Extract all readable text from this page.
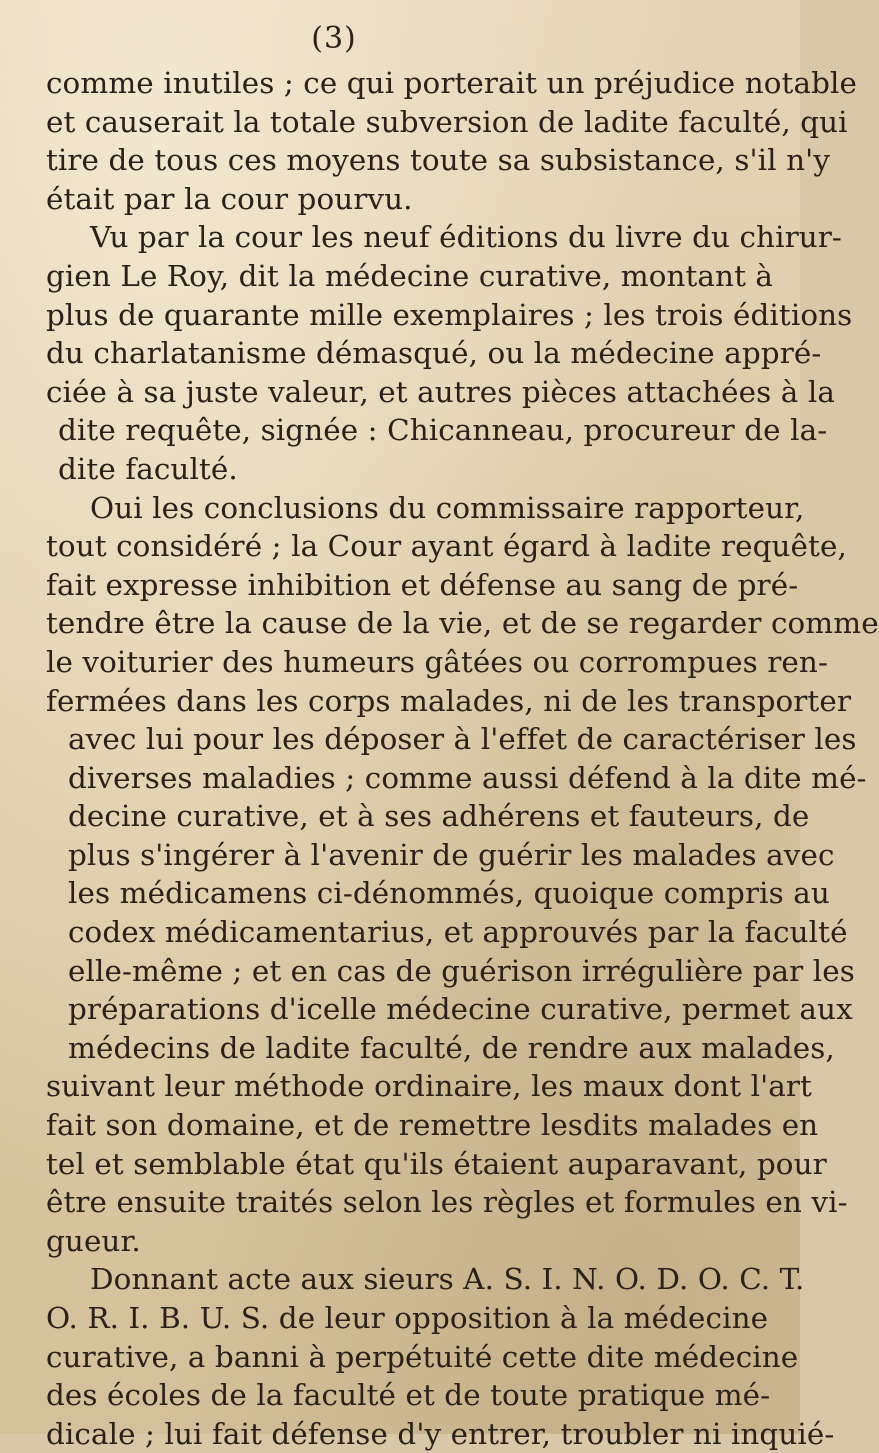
(3)
comme inutiles ; ce qui porterait un préjudice notable
et causerait la totale subversion de ladite faculté, qui
tire de tous ces moyens toute sa subsistance, s'il n'y
était par la cour pourvu.
Vu par la cour les neuf éditions du livre du chirur-
gien Le Roy, dit la médecine curative, montant à
plus de quarante mille exemplaires ; les trois éditions
du charlatanisme démasqué, ou la médecine appré-
ciée à sa juste valeur, et autres pièces attachées à la
dite requête, signée : Chicanneau, procureur de la-
dite faculté.
Oui les conclusions du commissaire rapporteur,
tout considéré ; la Cour ayant égard à ladite requête,
fait expresse inhibition et défense au sang de pré-
tendre être la cause de la vie, et de se regarder comme
le voiturier des humeurs gâtées ou corrompues ren-
fermées dans les corps malades, ni de les transporter
avec lui pour les déposer à l'effet de caractériser les
diverses maladies ; comme aussi défend à la dite mé-
decine curative, et à ses adhérens et fauteurs, de
plus s'ingérer à l'avenir de guérir les malades avec
les médicamens ci-dénommés, quoique compris au
codex médicamentarius, et approuvés par la faculté
elle-même ; et en cas de guérison irrégulière par les
préparations d'icelle médecine curative, permet aux
médecins de ladite faculté, de rendre aux malades,
suivant leur méthode ordinaire, les maux dont l'art
fait son domaine, et de remettre lesdits malades en
tel et semblable état qu'ils étaient auparavant, pour
être ensuite traités selon les règles et formules en vi-
gueur.
Donnant acte aux sieurs A. S. I. N. O. D. O. C. T.
O. R. I. B. U. S. de leur opposition à la médecine
curative, a banni à perpétuité cette dite médecine
des écoles de la faculté et de toute pratique mé-
dicale ; lui fait défense d'y entrer, troubler ni inquié-
